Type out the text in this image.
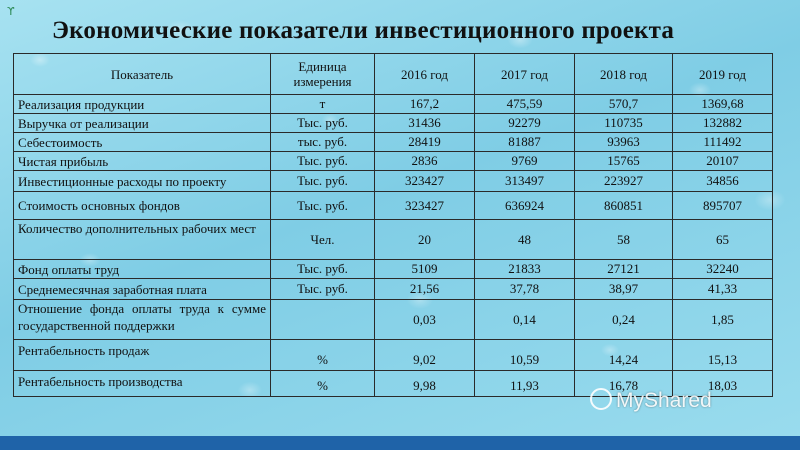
ϒ
Экономические показатели инвестиционного проекта
Показатель	Единица измерения	2016 год	2017 год	2018 год	2019 год
Реализация продукции	т	167,2	475,59	570,7	1369,68
Выручка от реализации	Тыс. руб.	31436	92279	110735	132882
Себестоимость	тыс. руб.	28419	81887	93963	111492
Чистая прибыль	Тыс. руб.	2836	9769	15765	20107
Инвестиционные расходы по проекту	Тыс. руб.	323427	313497	223927	34856
Стоимость основных фондов	Тыс. руб.	323427	636924	860851	895707
Количество дополнительных рабочих мест	Чел.	20	48	58	65
Фонд оплаты труд	Тыс. руб.	5109	21833	27121	32240
Среднемесячная заработная плата	Тыс. руб.	21,56	37,78	38,97	41,33
Отношение фонда оплаты труда к сумме государственной поддержки		0,03	0,14	0,24	1,85
Рентабельность продаж	%	9,02	10,59	14,24	15,13
Рентабельность производства	%	9,98	11,93	16,78	18,03
MyShared
